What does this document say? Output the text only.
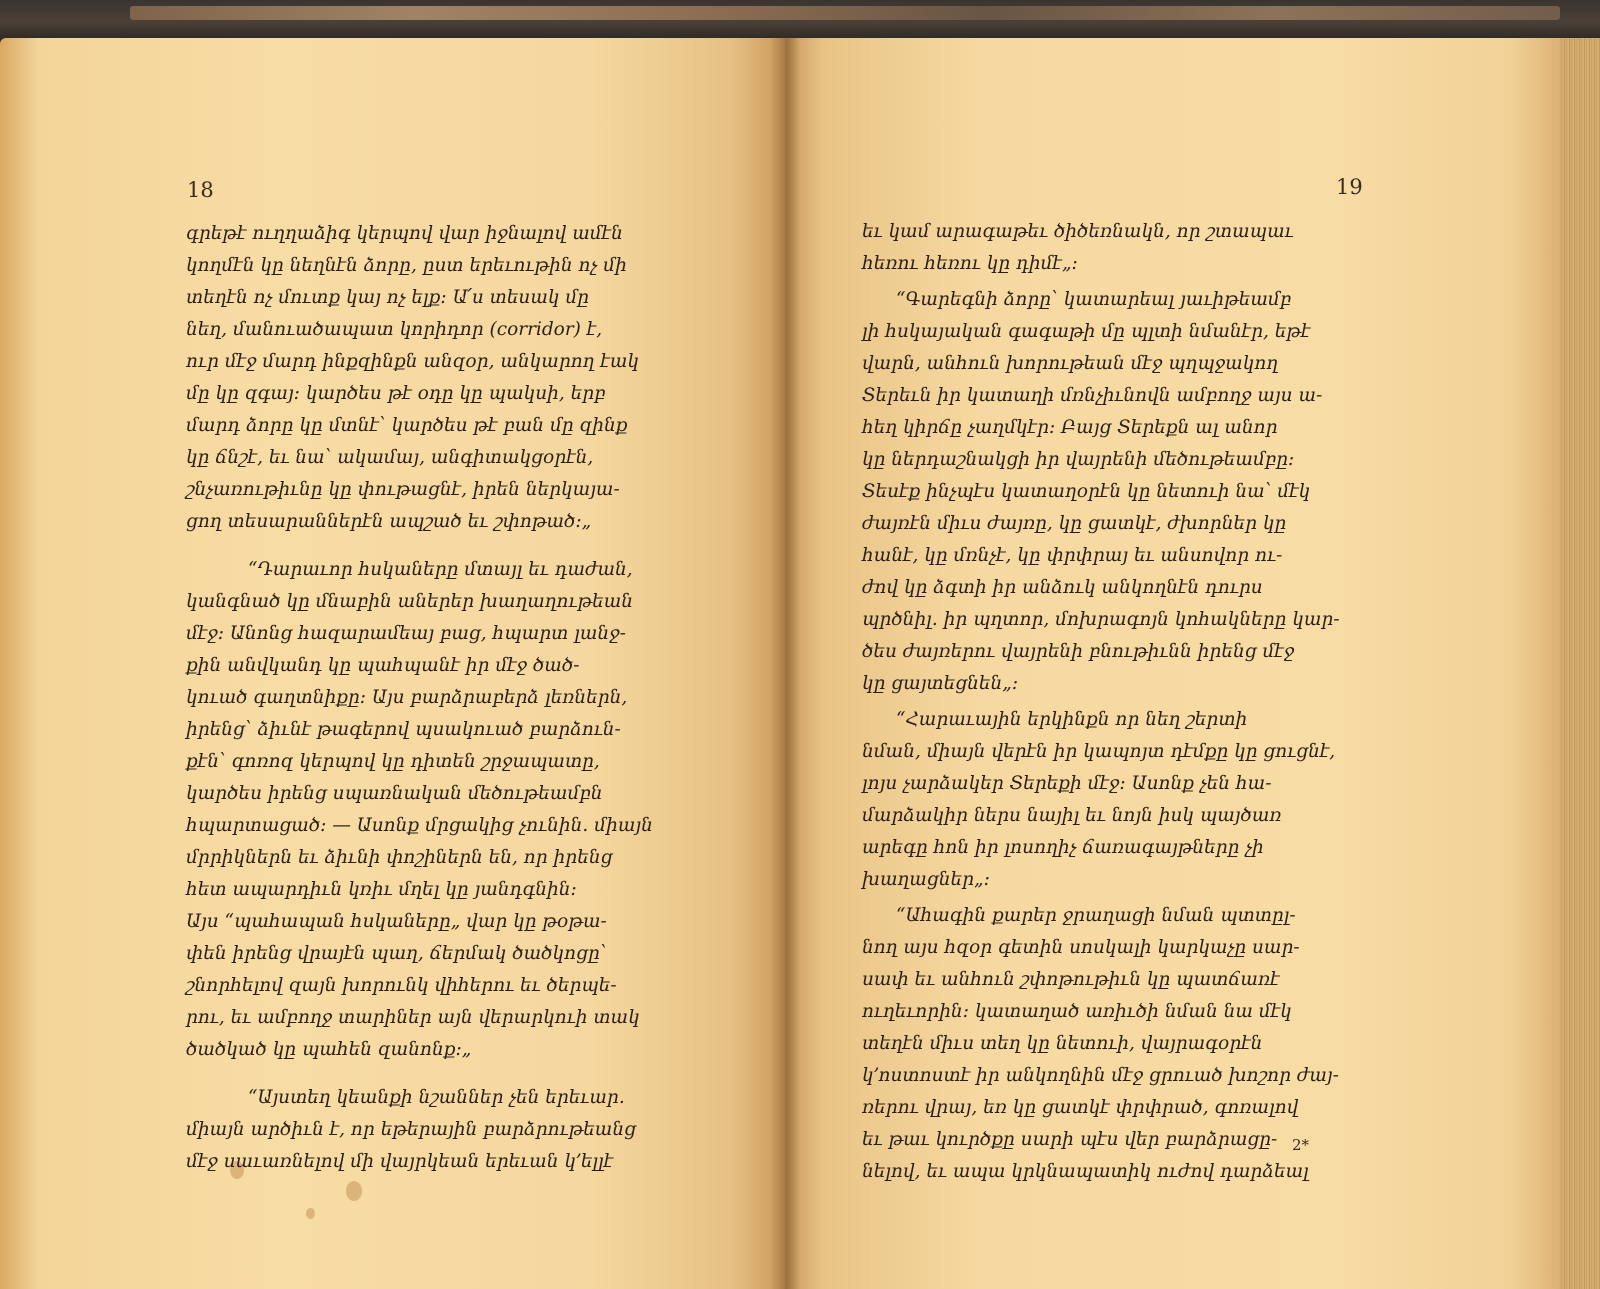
18
գրեթէ ուղղաձիգ կերպով վար իջնալով ամէն
կողմէն կը նեղնէն ձորը, ըստ երեւութին ոչ մի
տեղէն ոչ մուտք կայ ոչ ելք։ Ա՛ս տեսակ մը
նեղ, մանուածապատ կորիդոր (corridor) է,
ուր մէջ մարդ ինքզինքն անզօր, անկարող էակ
մը կը զգայ։ կարծես թէ օդը կը պակսի, երբ
մարդ ձորը կը մտնէ՝ կարծես թէ բան մը զինք
կը ճնշէ, եւ նա՝ ակամայ, անգիտակցօրէն,
շնչառութիւնը կը փութացնէ, իրեն ներկայա-
ցող տեսարաններէն ապշած եւ շփոթած։„
“Դարաւոր հսկաները մտայլ եւ դաժան,
կանգնած կը մնաբին աներեր խաղաղութեան
մէջ։ Անոնց հազարամեայ բաց, հպարտ լանջ-
քին անվկանդ կը պահպանէ իր մէջ ծած-
կուած գաղտնիքը։ Այս բարձրաբերձ լեռներն,
իրենց՝ ձիւնէ թագերով պսակուած բարձուն-
քէն՝ գոռոզ կերպով կը դիտեն շրջապատը,
կարծես իրենց սպառնական մեծութեամբն
հպարտացած։ — Ասոնք մրցակից չունին. միայն
մրրիկներն եւ ձիւնի փոշիներն են, որ իրենց
հետ ապարդիւն կռիւ մղել կը յանդգնին։
Այս “պահապան հսկաները„ վար կը թօթա-
փեն իրենց վրայէն պաղ, ճերմակ ծածկոցը՝
շնորհելով զայն խորունկ վիհերու եւ ծերպե-
րու, եւ ամբողջ տարիներ այն վերարկուի տակ
ծածկած կը պահեն զանոնք։„
“Այստեղ կեանքի նշաններ չեն երեւար.
միայն արծիւն է, որ եթերային բարձրութեանց
մէջ սաւառնելով մի վայրկեան երեւան կ՚ելլէ
19
եւ կամ արագաթեւ ծիծեռնակն, որ շտապաւ
հեռու հեռու կը դիմէ„։
“Գարեգնի ձորը՝ կատարեալ յաւիթեամբ
լի հսկայական գագաթի մը պլտի նմանէր, եթէ
վարն, անհուն խորութեան մէջ պղպջակող
Տերեւն իր կատաղի մռնչիւնովն ամբողջ այս ա-
հեղ կիրճը չաղմկէր։ Բայց Տերեքն ալ անոր
կը ներդաշնակցի իր վայրենի մեծութեամբը։
Տեսէք ինչպէս կատաղօրէն կը նետուի նա՝ մէկ
ժայռէն միւս ժայռը, կը ցատկէ, ժխորներ կը
հանէ, կը մռնչէ, կը փրփրայ եւ անսովոր ու-
ժով կը ձգտի իր անձուկ անկողնէն դուրս
պրծնիլ. իր պղտոր, մոխրագոյն կոհակները կար-
ծես ժայռերու վայրենի բնութիւնն իրենց մէջ
կը ցայտեցնեն„։
“Հարաւային երկինքն որ նեղ շերտի
նման, միայն վերէն իր կապոյտ դէմքը կը ցուցնէ,
լոյս չարձակեր Տերեքի մէջ։ Ասոնք չեն հա-
մարձակիր ներս նայիլ եւ նոյն իսկ պայծառ
արեգը հոն իր լոսողիչ ճառագայթները չի
խաղացներ„։
“Ահագին քարեր ջրաղացի նման պտտըլ-
նող այս հզօր գետին սոսկալի կարկաչը սար-
սափ եւ անհուն շփոթութիւն կը պատճառէ
ուղեւորին։ կատաղած առիւծի նման նա մէկ
տեղէն միւս տեղ կը նետուի, վայրագօրէն
կ՚ոստոստէ իր անկողնին մէջ ցրուած խոշոր ժայ-
ռերու վրայ, եռ կը ցատկէ փրփրած, գոռալով
եւ թաւ կուրծքը սարի պէս վեր բարձրացը-
նելով, եւ ապա կրկնապատիկ ուժով դարձեալ
2*
